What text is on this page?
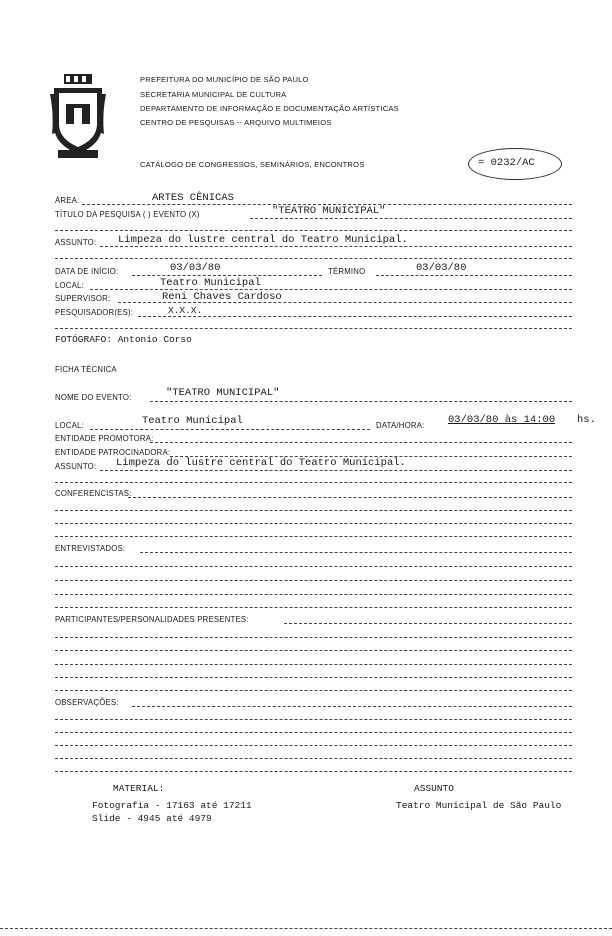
PREFEITURA DO MUNICÍPIO DE SÃO PAULO
SECRETARIA MUNICIPAL DE CULTURA
DEPARTAMENTO DE INFORMAÇÃO E DOCUMENTAÇÃO ARTÍSTICAS
CENTRO DE PESQUISAS -- ARQUIVO MULTIMEIOS
CATÁLOGO DE CONGRESSOS, SEMINÁRIOS, ENCONTROS	= 0232/AC
ÁREA:	ARTES CÊNICAS
TÍTULO DA PESQUISA ( ) EVENTO (X)	"TEATRO MUNICIPAL"
ASSUNTO: Limpeza do lustre central do Teatro Municipal.
DATA DE INÍCIO:	03/03/80	TÉRMINO	03/03/80
LOCAL:	Teatro Municipal
SUPERVISOR:	Reni Chaves Cardoso
PESQUISADOR(ES):	X.X.X.
FOTÓGRAFO: Antonio Corso
FICHA TÉCNICA
NOME DO EVENTO:	"TEATRO MUNICIPAL"
LOCAL:	Teatro Municipal	DATA/HORA: 03/03/80 às 14:00 hs.
ENTIDADE PROMOTORA:
ENTIDADE PATROCINADORA:
ASSUNTO: Limpeza do lustre central do Teatro Municipal.
CONFERENCISTAS:
ENTREVISTADOS:
PARTICIPANTES/PERSONALIDADES PRESENTES:
OBSERVAÇÕES:
MATERIAL:
Fotografia - 17163 até 17211
Slide - 4945 até 4979
ASSUNTO
Teatro Municipal de São Paulo
